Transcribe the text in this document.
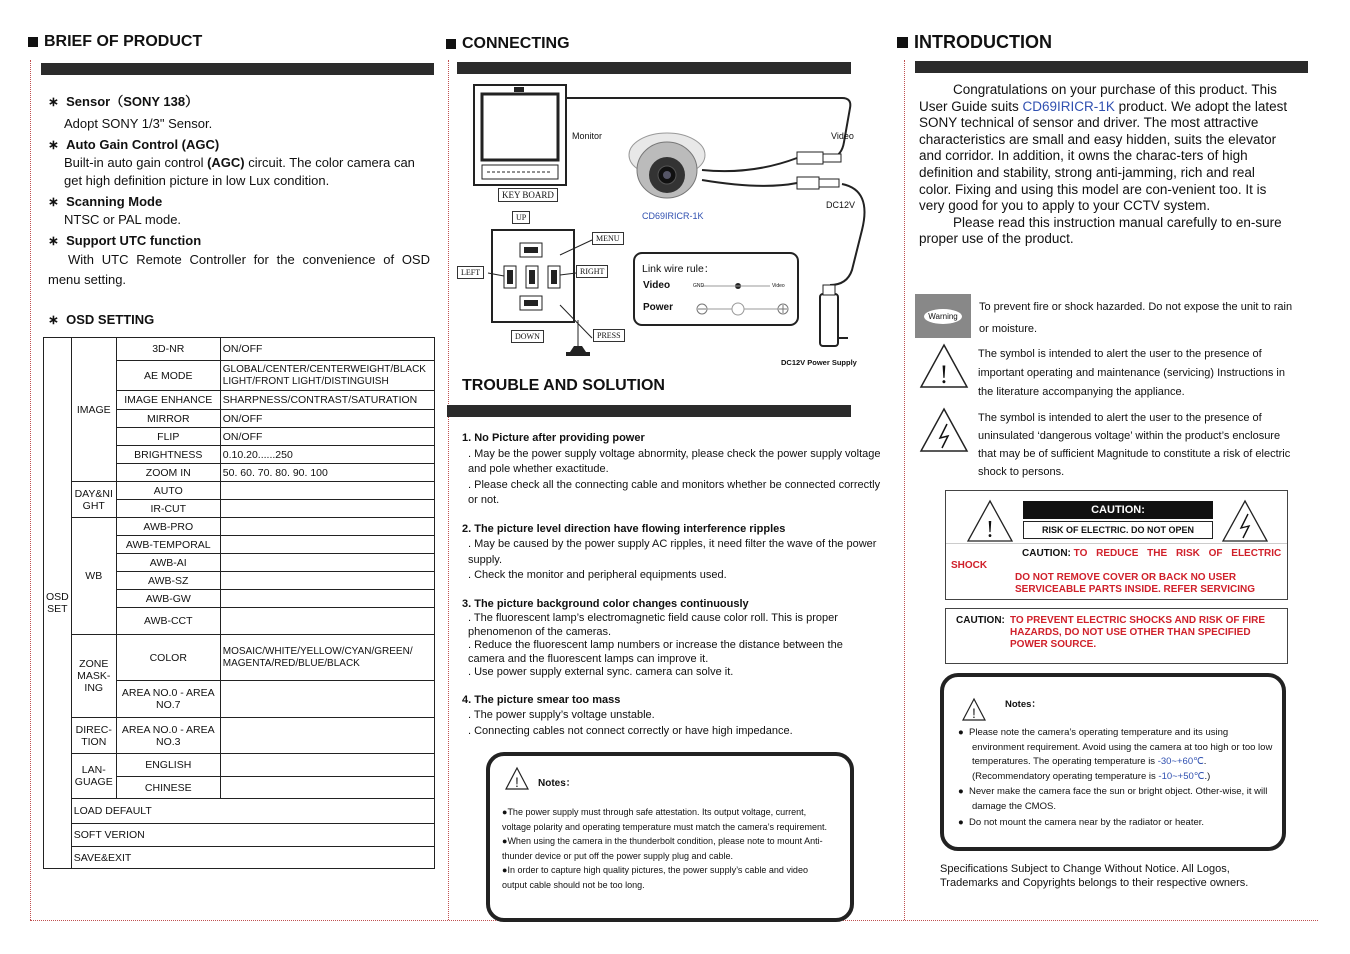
BRIEF OF PRODUCT
∗  Sensor（SONY 138）
Adopt SONY 1/3" Sensor.
∗  Auto Gain Control (AGC)
Built-in auto gain control (AGC) circuit. The color camera can get high definition picture in low Lux condition.
∗  Scanning Mode
NTSC or PAL mode.
∗  Support UTC function
With UTC Remote Controller for the convenience of OSD menu setting.
∗  OSD SETTING
OSD SET	IMAGE	3D-NR	ON/OFF
		AE MODE	GLOBAL/CENTER/CENTERWEIGHT/BLACK LIGHT/FRONT LIGHT/DISTINGUISH
		IMAGE ENHANCE	SHARPNESS/CONTRAST/SATURATION
		MIRROR	ON/OFF
		FLIP	ON/OFF
		BRIGHTNESS	0.10.20......250
		ZOOM IN	50. 60. 70. 80. 90. 100
	DAY&NI GHT	AUTO	
		IR-CUT	
	WB	AWB-PRO	
		AWB-TEMPORAL	
		AWB-AI	
		AWB-SZ	
		AWB-GW	
		AWB-CCT	
	ZONE MASK-ING	COLOR	MOSAIC/WHITE/YELLOW/CYAN/GREEN/ MAGENTA/RED/BLUE/BLACK
		AREA NO.0 - AREA NO.7	
	DIREC-TION	AREA NO.0 - AREA NO.3	
	LAN-GUAGE	ENGLISH	
		CHINESE	
	LOAD DEFAULT		
	SOFT VERION		
	SAVE&EXIT		
CONNECTING
Monitor	Video
DC12V
CD69IRICR-1K
KEY BOARD
UP
MENU
LEFT	RIGHT
DOWN	PRESS
Link wire rule：
Video
Power
GND	Video
DC12V Power Supply
TROUBLE AND SOLUTION
1. No Picture after providing power
. May be the power supply voltage abnormity, please check the power supply voltage and pole whether exactitude.
. Please check all the connecting cable and monitors whether be connected correctly or not.
2. The picture level direction have flowing interference ripples
. May be caused by the power supply AC ripples, it need filter the wave of the power supply.
. Check the monitor and peripheral equipments used.
3. The picture background color changes continuously
. The fluorescent lamp’s electromagnetic field cause color roll. This is proper phenomenon of the cameras.
. Reduce the fluorescent lamp numbers or increase the distance between the camera and the fluorescent lamps can improve it.
. Use power supply external sync. camera can solve it.
4. The picture smear too mass
. The power supply’s voltage unstable.
. Connecting cables not connect correctly or have high impedance.
! Notes：
●The power supply must through safe attestation. Its output voltage, current, voltage polarity and operating temperature must match the camera’s requirement.
●When using the camera in the thunderbolt condition, please note to mount Anti-thunder device or put off the power supply plug and cable.
●In order to capture high quality pictures, the power supply’s cable and video output cable should not be too long.
INTRODUCTION
Congratulations on your purchase of this product. This User Guide suits CD69IRICR-1K product. We adopt the latest SONY technical of sensor and driver. The most attractive characteristics are small and easy hidden, suits the elevator and corridor. In addition, it owns the charac-ters of high definition and stability, strong anti-jamming, rich and real color. Fixing and using this model are con-venient too. It is very good for you to apply to your CCTV system.
Please read this instruction manual carefully to en-sure proper use of the product.
Warning
To prevent fire or shock hazarded. Do not expose the unit to rain or moisture.
!
The symbol is intended to alert the user to the presence of important operating and maintenance (servicing) Instructions in the literature accompanying the appliance.
The symbol is intended to alert the user to the presence of uninsulated ‘dangerous voltage’ within the product’s enclosure that may be of sufficient Magnitude to constitute a risk of electric shock to persons.
!
CAUTION:
RISK OF ELECTRIC. DO NOT OPEN
CAUTION: TO REDUCE THE RISK OF ELECTRIC
SHOCK
DO NOT REMOVE COVER OR BACK NO USER SERVICEABLE PARTS INSIDE. REFER SERVICING
CAUTION: TO PREVENT ELECTRIC SHOCKS AND RISK OF FIRE HAZARDS, DO NOT USE OTHER THAN SPECIFIED POWER SOURCE.
!
Notes：
●  Please note the camera’s operating temperature and its using environment requirement. Avoid using the camera at too high or too low temperatures. The operating temperature is -30~+60℃. (Recommendatory operating temperature is -10~+50℃.)
●  Never make the camera face the sun or bright object. Other-wise, it will damage the CMOS.
●  Do not mount the camera near by the radiator or heater.
Specifications Subject to Change Without Notice. All Logos, Trademarks and Copyrights belongs to their respective owners.
